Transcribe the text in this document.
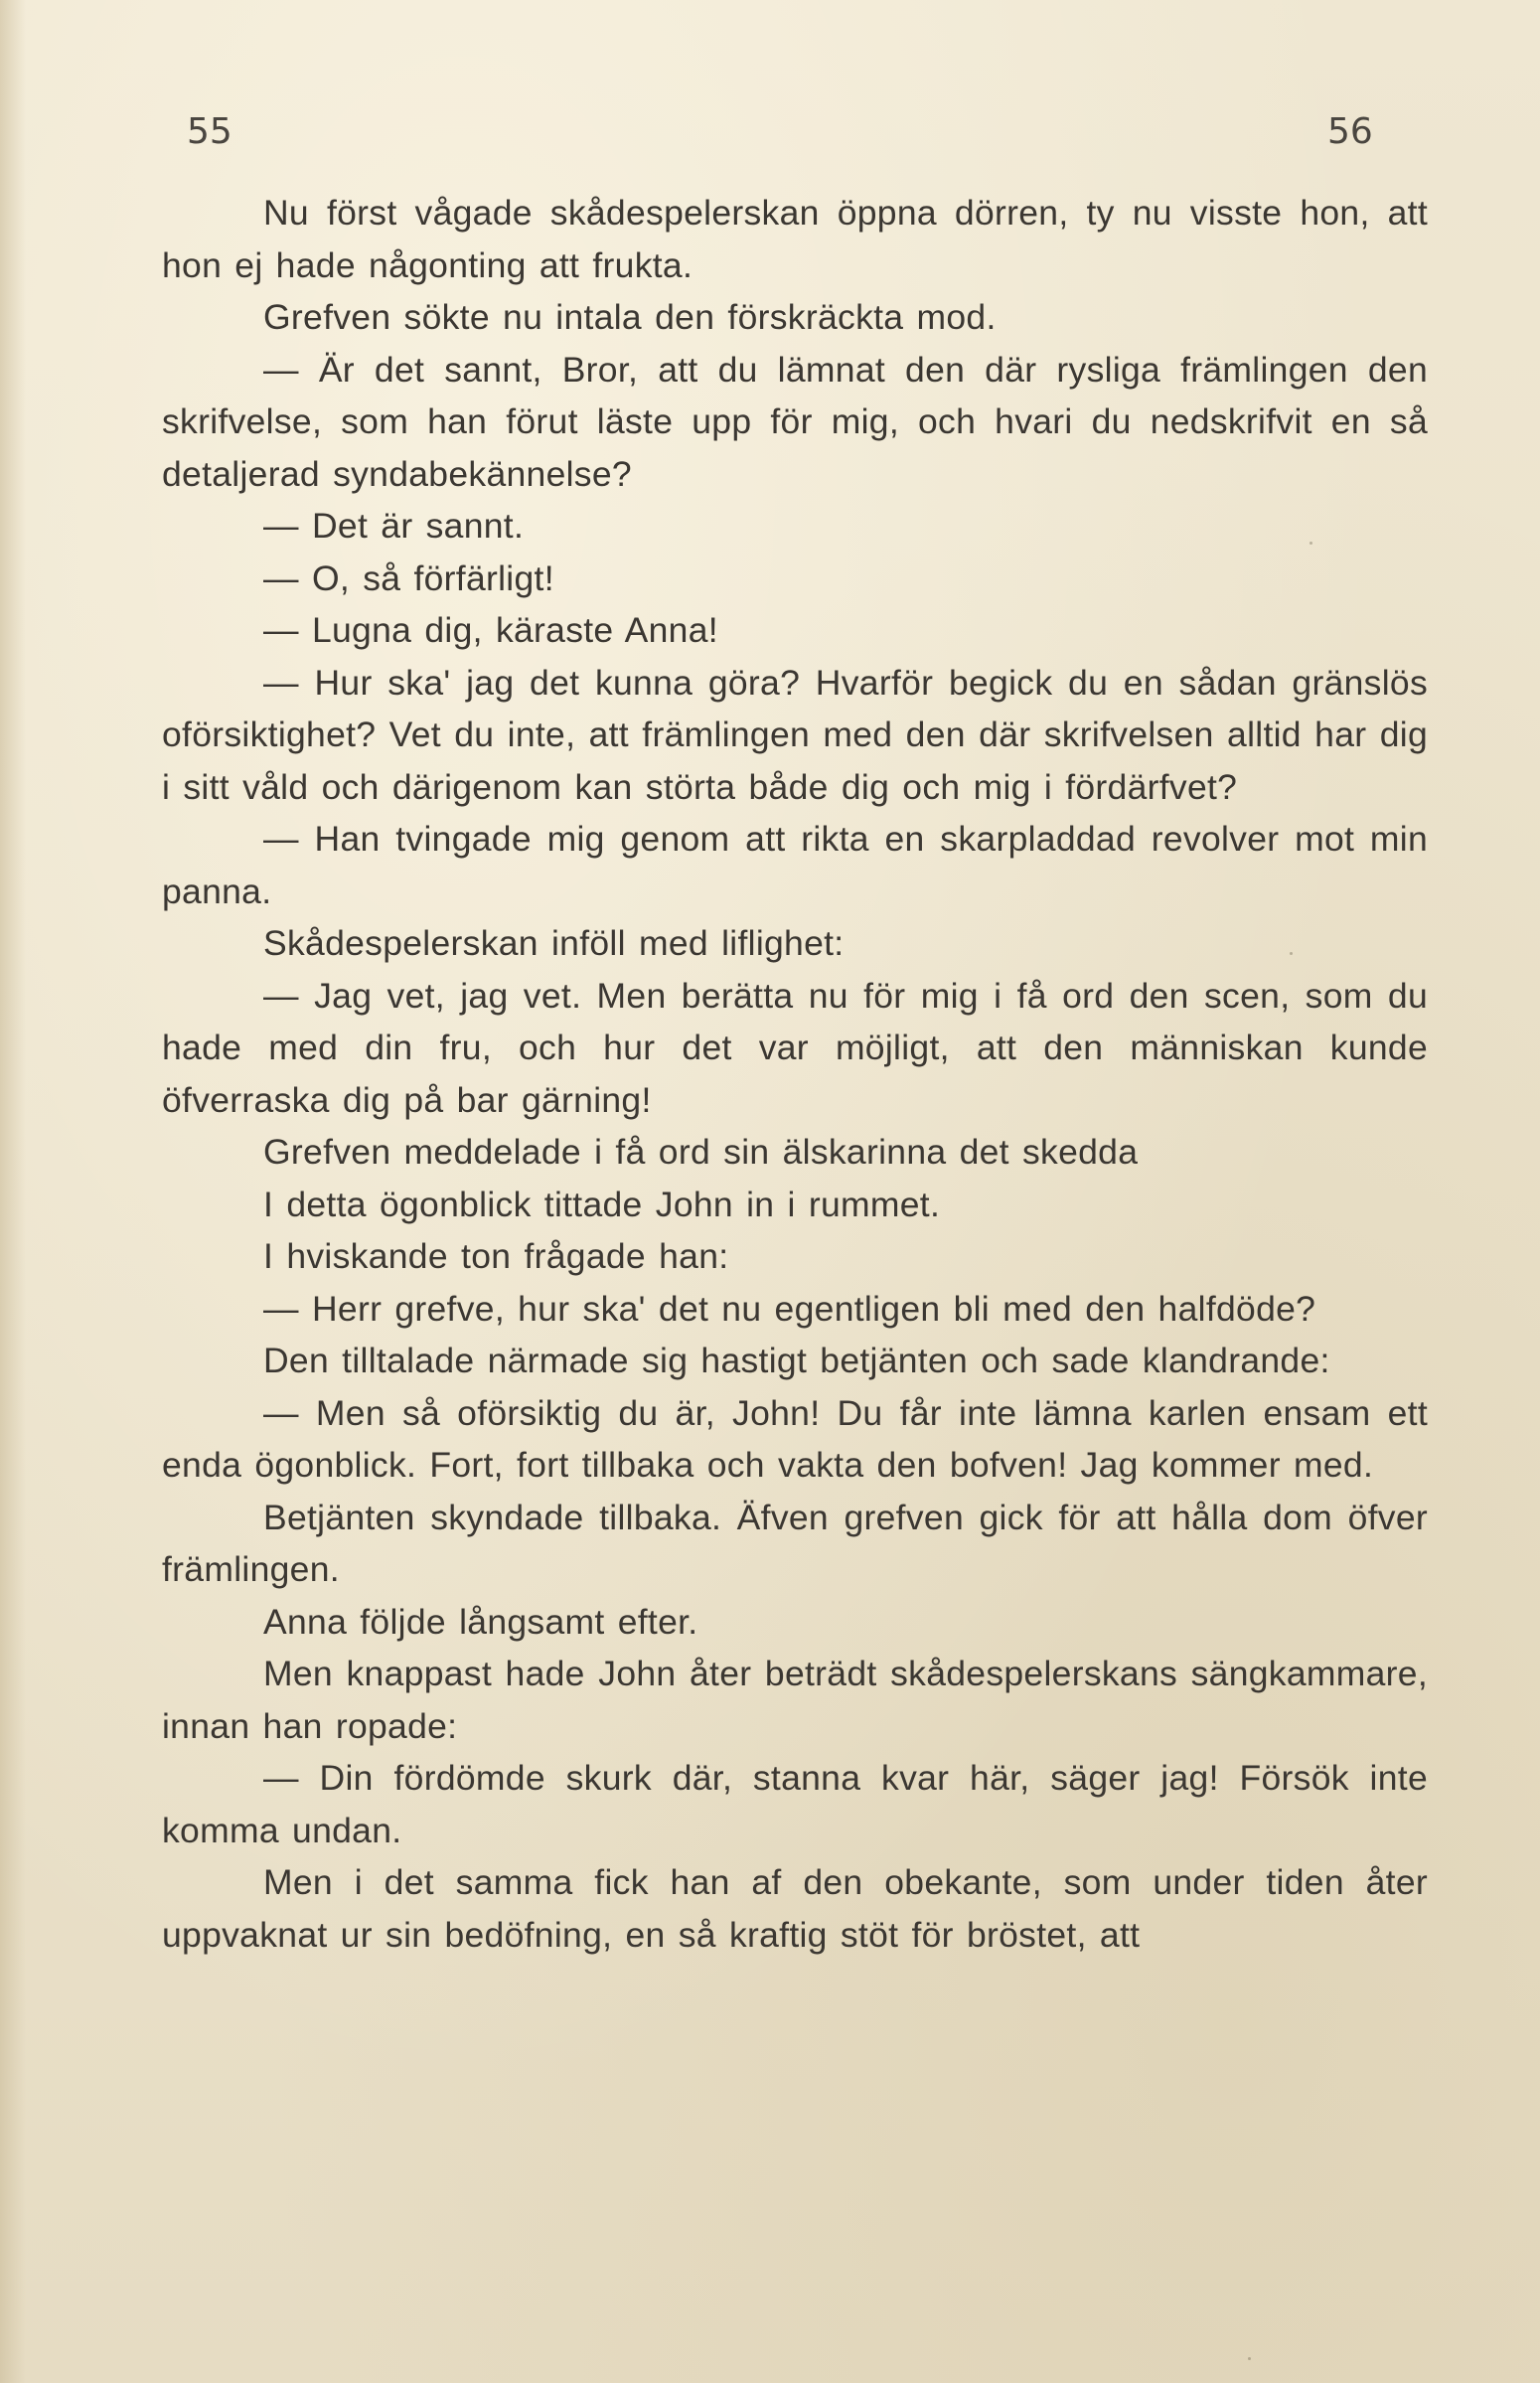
55	56

Nu först vågade skådespelerskan öppna dörren, ty nu visste hon, att hon ej hade någonting att frukta.

Grefven sökte nu intala den förskräckta mod.

— Är det sannt, Bror, att du lämnat den där rysliga främlingen den skrifvelse, som han förut läste upp för mig, och hvari du nedskrifvit en så detaljerad syndabekännelse?

— Det är sannt.

— O, så förfärligt!

— Lugna dig, käraste Anna!

— Hur ska' jag det kunna göra? Hvarför begick du en sådan gränslös oförsiktighet? Vet du inte, att främlingen med den där skrifvelsen alltid har dig i sitt våld och därigenom kan störta både dig och mig i fördärfvet?

— Han tvingade mig genom att rikta en skarpladdad revolver mot min panna.

Skådespelerskan inföll med liflighet:

— Jag vet, jag vet. Men berätta nu för mig i få ord den scen, som du hade med din fru, och hur det var möjligt, att den människan kunde öfverraska dig på bar gärning!

Grefven meddelade i få ord sin älskarinna det skedda

I detta ögonblick tittade John in i rummet.

I hviskande ton frågade han:

— Herr grefve, hur ska' det nu egentligen bli med den halfdöde?

Den tilltalade närmade sig hastigt betjänten och sade klandrande:

— Men så oförsiktig du är, John! Du får inte lämna karlen ensam ett enda ögonblick. Fort, fort tillbaka och vakta den bofven! Jag kommer med.

Betjänten skyndade tillbaka. Äfven grefven gick för att hålla dom öfver främlingen.

Anna följde långsamt efter.

Men knappast hade John åter beträdt skådespelerskans sängkammare, innan han ropade:

— Din fördömde skurk där, stanna kvar här, säger jag! Försök inte komma undan.

Men i det samma fick han af den obekante, som under tiden åter uppvaknat ur sin bedöfning, en så kraftig stöt för bröstet, att
